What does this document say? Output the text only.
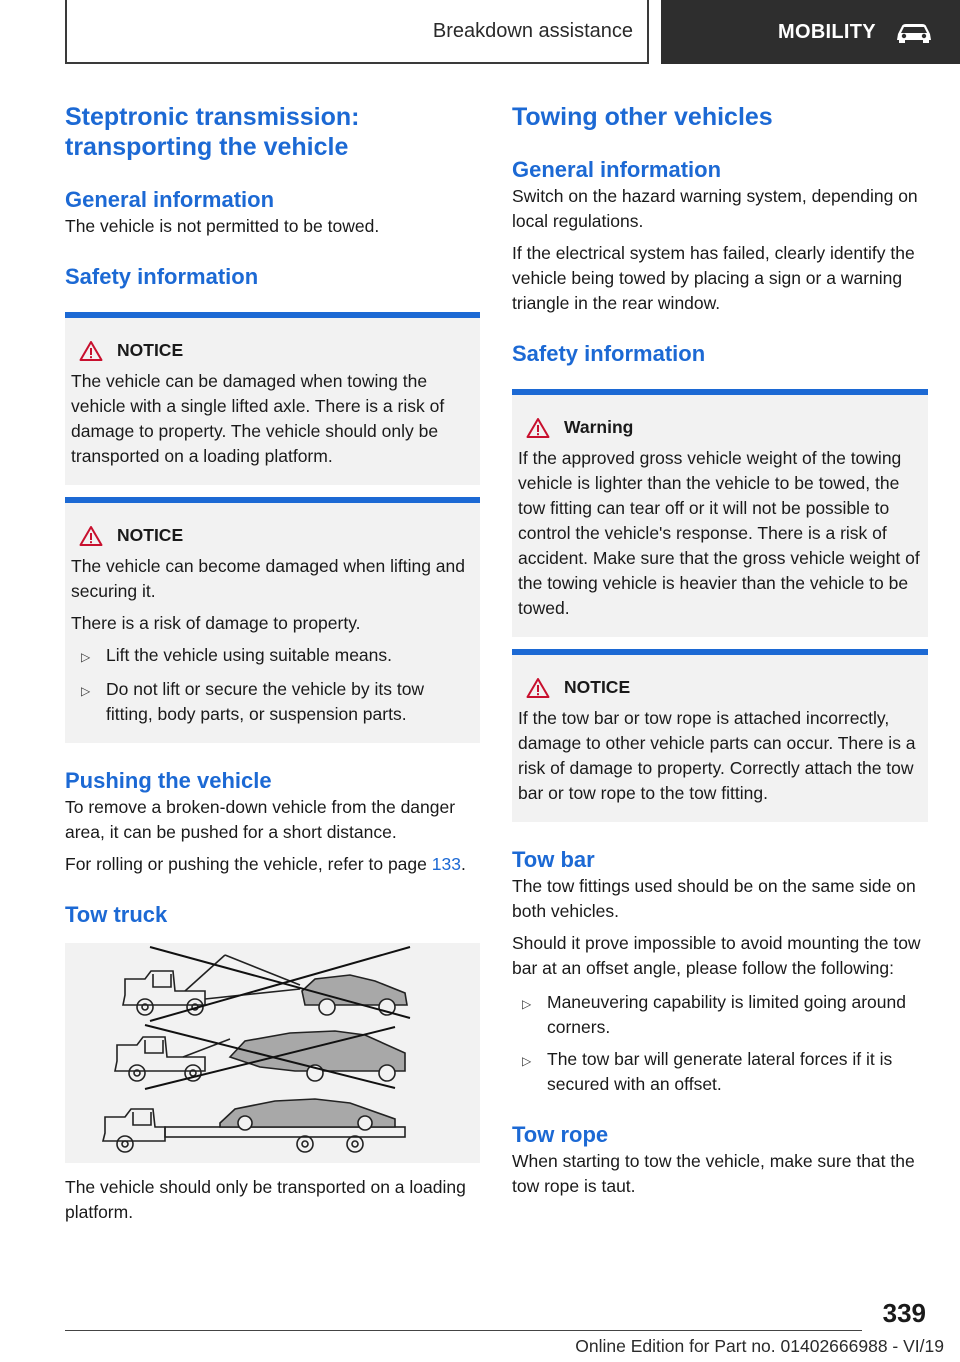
Breakdown assistance	MOBILITY
Steptronic transmission: transporting the vehicle
General information

The vehicle is not permitted to be towed.

Safety information
NOTICE

The vehicle can be damaged when towing the vehicle with a single lifted axle. There is a risk of damage to property. The vehicle should only be transported on a loading platform.

NOTICE

The vehicle can become damaged when lifting and securing it.

There is a risk of damage to property.

▷ Lift the vehicle using suitable means.
▷ Do not lift or secure the vehicle by its tow fitting, body parts, or suspension parts.
Pushing the vehicle

To remove a broken-down vehicle from the danger area, it can be pushed for a short distance.

For rolling or pushing the vehicle, refer to page 133.

Tow truck

The vehicle should only be transported on a loading platform.

Towing other vehicles
General information

Switch on the hazard warning system, depending on local regulations.

If the electrical system has failed, clearly identify the vehicle being towed by placing a sign or a warning triangle in the rear window.

Safety information
Warning

If the approved gross vehicle weight of the towing vehicle is lighter than the vehicle to be towed, the tow fitting can tear off or it will not be possible to control the vehicle's response. There is a risk of accident. Make sure that the gross vehicle weight of the towing vehicle is heavier than the vehicle to be towed.

NOTICE

If the tow bar or tow rope is attached incorrectly, damage to other vehicle parts can occur. There is a risk of damage to property. Correctly attach the tow bar or tow rope to the tow fitting.

Tow bar

The tow fittings used should be on the same side on both vehicles.

Should it prove impossible to avoid mounting the tow bar at an offset angle, please follow the following:

▷ Maneuvering capability is limited going around corners.
▷ The tow bar will generate lateral forces if it is secured with an offset.
Tow rope

When starting to tow the vehicle, make sure that the tow rope is taut.

339
Online Edition for Part no. 01402666988 - VI/19
